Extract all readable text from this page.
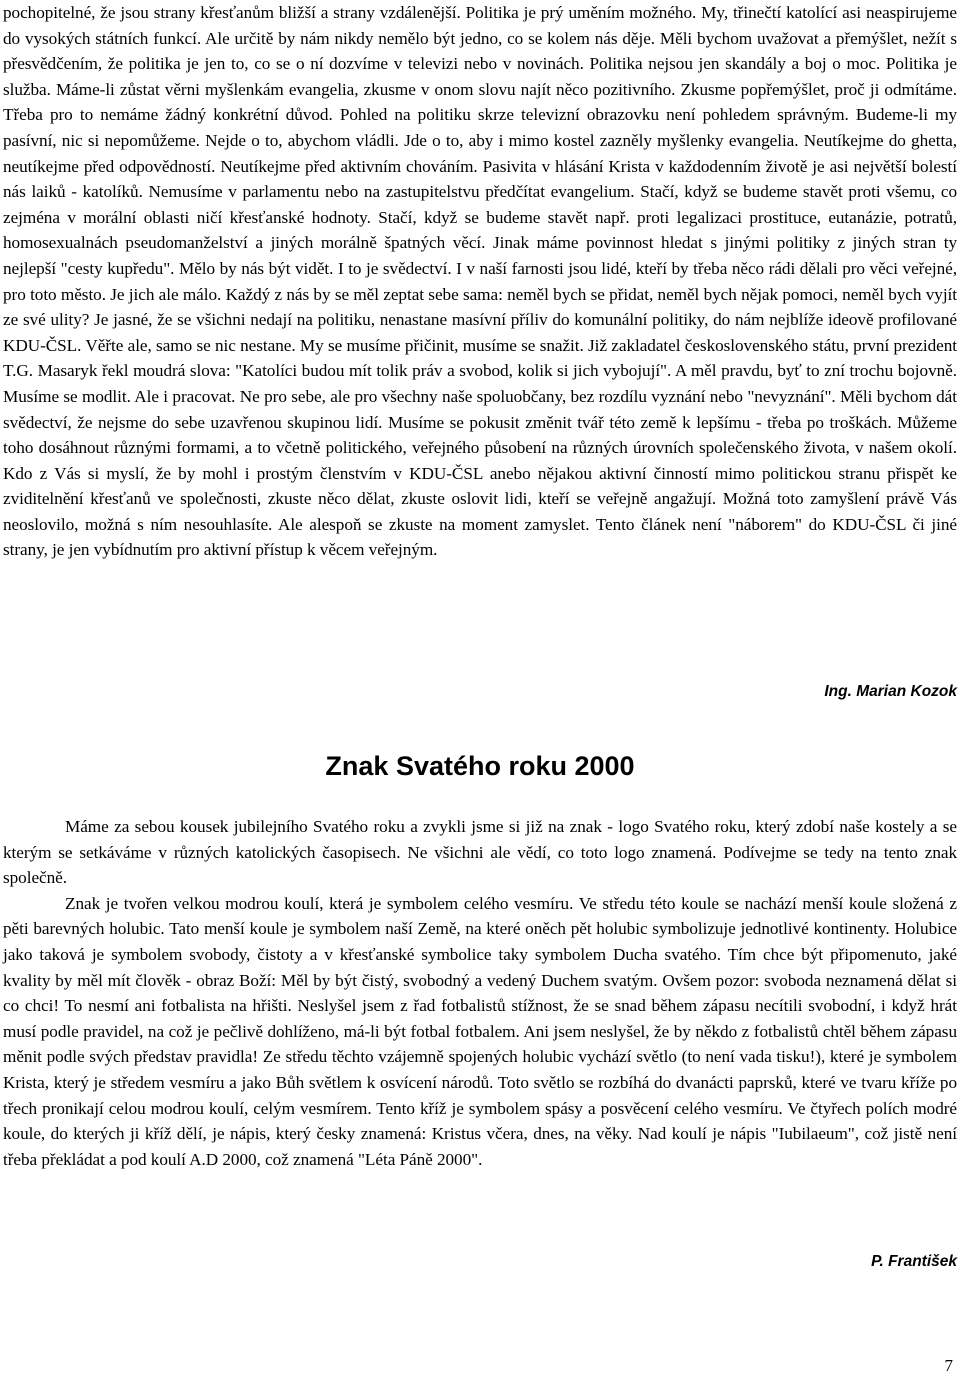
pochopitelné, že jsou strany křesťanům bližší a strany vzdálenější. Politika je prý uměním možného. My, třinečtí katolící asi neaspirujeme do vysokých státních funkcí. Ale určitě by nám nikdy nemělo být jedno, co se kolem nás děje. Měli bychom uvažovat a přemýšlet, nežít s přesvědčením, že politika je jen to, co se o ní dozvíme v televizi nebo v novinách. Politika nejsou jen skandály a boj o moc. Politika je služba. Máme-li zůstat věrni myšlenkám evangelia, zkusme v onom slovu najít něco pozitivního. Zkusme popřemýšlet, proč ji odmítáme. Třeba pro to nemáme žádný konkrétní důvod. Pohled na politiku skrze televizní obrazovku není pohledem správným. Budeme-li my pasívní, nic si nepomůžeme. Nejde o to, abychom vládli. Jde o to, aby i mimo kostel zazněly myšlenky evangelia. Neutíkejme do ghetta, neutíkejme před odpovědností. Neutíkejme před aktivním chováním. Pasivita v hlásání Krista v každodenním životě je asi největší bolestí nás laiků - katolíků. Nemusíme v parlamentu nebo na zastupitelstvu předčítat evangelium. Stačí, když se budeme stavět proti všemu, co zejména v morální oblasti ničí křesťanské hodnoty. Stačí, když se budeme stavět např. proti legalizaci prostituce, eutanázie, potratů, homosexualnách pseudomanželství a jiných morálně špatných věcí. Jinak máme povinnost hledat s jinými politiky z jiných stran ty nejlepší "cesty kupředu". Mělo by nás být vidět. I to je svědectví. I v naší farnosti jsou lidé, kteří by třeba něco rádi dělali pro věci veřejné, pro toto město. Je jich ale málo. Každý z nás by se měl zeptat sebe sama: neměl bych se přidat, neměl bych nějak pomoci, neměl bych vyjít ze své ulity? Je jasné, že se všichni nedají na politiku, nenastane masívní příliv do komunální politiky, do nám nejblíže ideově profilované KDU-ČSL. Věřte ale, samo se nic nestane. My se musíme přičinit, musíme se snažit. Již zakladatel československého státu, první prezident T.G. Masaryk řekl moudrá slova: "Katolíci budou mít tolik práv a svobod, kolik si jich vybojují". A měl pravdu, byť to zní trochu bojovně. Musíme se modlit. Ale i pracovat. Ne pro sebe, ale pro všechny naše spoluobčany, bez rozdílu vyznání nebo "nevyznání". Měli bychom dát svědectví, že nejsme do sebe uzavřenou skupinou lidí. Musíme se pokusit změnit tvář této země k lepšímu - třeba po troškách. Můžeme toho dosáhnout různými formami, a to včetně politického, veřejného působení na různých úrovních společenského života, v našem okolí. Kdo z Vás si myslí, že by mohl i prostým členstvím v KDU-ČSL anebo nějakou aktivní činností mimo politickou stranu přispět ke zviditelnění křesťanů ve společnosti, zkuste něco dělat, zkuste oslovit lidi, kteří se veřejně angažují. Možná toto zamyšlení právě Vás neoslovilo, možná s ním nesouhlasíte. Ale alespoň se zkuste na moment zamyslet. Tento článek není "náborem" do KDU-ČSL či jiné strany, je jen vybídnutím pro aktivní přístup k věcem veřejným.

Ing. Marian Kozok
Znak Svatého roku 2000

Máme za sebou kousek jubilejního Svatého roku a zvykli jsme si již na znak - logo Svatého roku, který zdobí naše kostely a se kterým se setkáváme v různých katolických časopisech. Ne všichni ale vědí, co toto logo znamená. Podívejme se tedy na tento znak společně.

Znak je tvořen velkou modrou koulí, která je symbolem celého vesmíru. Ve středu této koule se nachází menší koule složená z pěti barevných holubic. Tato menší koule je symbolem naší Země, na které oněch pět holubic symbolizuje jednotlivé kontinenty. Holubice jako taková je symbolem svobody, čistoty a v křesťanské symbolice taky symbolem Ducha svatého. Tím chce být připomenuto, jaké kvality by měl mít člověk - obraz Boží: Měl by být čistý, svobodný a vedený Duchem svatým. Ovšem pozor: svoboda neznamená dělat si co chci! To nesmí ani fotbalista na hřišti. Neslyšel jsem z řad fotbalistů stížnost, že se snad během zápasu necítili svobodní, i když hrát musí podle pravidel, na což je pečlivě dohlíženo, má-li být fotbal fotbalem. Ani jsem neslyšel, že by někdo z fotbalistů chtěl během zápasu měnit podle svých představ pravidla! Ze středu těchto vzájemně spojených holubic vychází světlo (to není vada tisku!), které je symbolem Krista, který je středem vesmíru a jako Bůh světlem k osvícení národů. Toto světlo se rozbíhá do dvanácti paprsků, které ve tvaru kříže po třech pronikají celou modrou koulí, celým vesmírem. Tento kříž je symbolem spásy a posvěcení celého vesmíru. Ve čtyřech polích modré koule, do kterých ji kříž dělí, je nápis, který česky znamená: Kristus včera, dnes, na věky. Nad koulí je nápis "Iubilaeum", což jistě není třeba překládat a pod koulí A.D 2000, což znamená "Léta Páně 2000".

P. František
7
